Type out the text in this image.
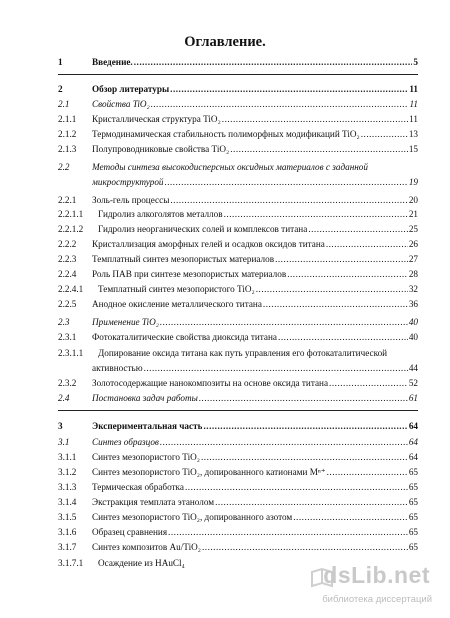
Оглавление.
1	Введение. .....	5
2	Обзор литературы .....	11
2.1	Свойства TiO₂ .....	11
2.1.1	Кристаллическая структура TiO₂ .....	11
2.1.2	Термодинамическая стабильность полиморфных модификаций TiO₂ .....	13
2.1.3	Полупроводниковые свойства TiO₂ .....	15
2.2	Методы синтеза высокодисперсных оксидных материалов с заданной
микроструктурой .....	19
2.2.1	Золь-гель процессы .....	20
2.2.1.1	Гидролиз алкоголятов металлов .....	21
2.2.1.2	Гидролиз неорганических солей и комплексов титана .....	25
2.2.2	Кристаллизация аморфных гелей и осадков оксидов титана .....	26
2.2.3	Темплатный синтез мезопористых материалов .....	27
2.2.4	Роль ПАВ при синтезе мезопористых материалов .....	28
2.2.4.1	Темплатный синтез мезопористого TiO₂ .....	32
2.2.5	Анодное окисление металлического титана .....	36
2.3	Применение TiO₂ .....	40
2.3.1	Фотокаталитические свойства диоксида титана .....	40
2.3.1.1	Допирование оксида титана как путь управления его фотокаталитической
активностью .....	44
2.3.2	Золотосодержащие нанокомпозиты на основе оксида титана .....	52
2.4	Постановка задач работы .....	61
3	Экспериментальная часть .....	64
3.1	Синтез образцов .....	64
3.1.1	Синтез мезопористого TiO₂ .....	64
3.1.2	Синтез мезопористого TiO₂, допированного катионами Mⁿ⁺ .....	65
3.1.3	Термическая обработка .....	65
3.1.4	Экстракция темплата этанолом .....	65
3.1.5	Синтез мезопористого TiO₂, допированного азотом .....	65
3.1.6	Образец сравнения .....	65
3.1.7	Синтез композитов Au/TiO₂ .....	65
3.1.7.1	Осаждение из HAuCl₄	dsLib.net
библиотека диссертаций
